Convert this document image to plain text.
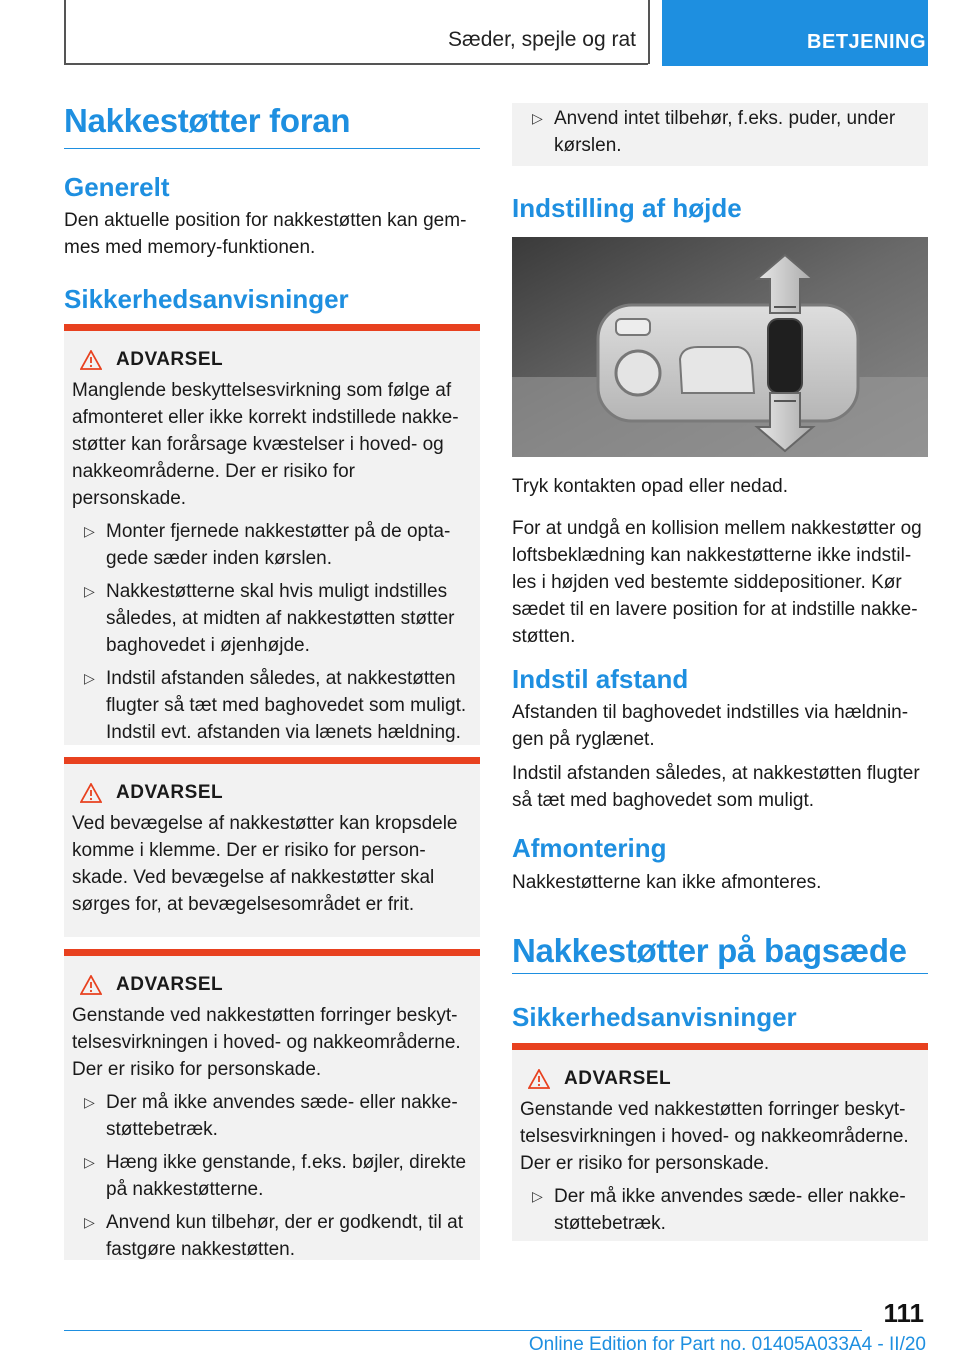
Sæder, spejle og rat	BETJENING
Nakkestøtter foran
Generelt

Den aktuelle position for nakkestøtten kan gemmes med memory-funktionen.

Sikkerhedsanvisninger
ADVARSEL
Manglende beskyttelsesvirkning som følge af afmonteret eller ikke korrekt indstillede nakkestøtter kan forårsage kvæstelser i hoved- og nakkeområderne. Der er risiko for personskade.
▷ Monter fjernede nakkestøtter på de optagede sæder inden kørslen.
▷ Nakkestøtterne skal hvis muligt indstilles således, at midten af nakkestøtten støtter baghovedet i øjenhøjde.
▷ Indstil afstanden således, at nakkestøtten flugter så tæt med baghovedet som muligt. Indstil evt. afstanden via lænets hældning.
ADVARSEL
Ved bevægelse af nakkestøtter kan kropsdele komme i klemme. Der er risiko for personskade. Ved bevægelse af nakkestøtter skal sørges for, at bevægelsesområdet er frit.
ADVARSEL
Genstande ved nakkestøtten forringer beskyttelsesvirkningen i hoved- og nakkeområderne. Der er risiko for personskade.
▷ Der må ikke anvendes sæde- eller nakkestøttebetræk.
▷ Hæng ikke genstande, f.eks. bøjler, direkte på nakkestøtterne.
▷ Anvend kun tilbehør, der er godkendt, til at fastgøre nakkestøtten.
▷ Anvend intet tilbehør, f.eks. puder, under kørslen.
Indstilling af højde

Tryk kontakten opad eller nedad.

For at undgå en kollision mellem nakkestøtter og loftsbeklædning kan nakkestøtterne ikke indstilles i højden ved bestemte siddepositioner. Kør sædet til en lavere position for at indstille nakkestøtten.

Indstil afstand

Afstanden til baghovedet indstilles via hældningen på ryglænet.

Indstil afstanden således, at nakkestøtten flugter så tæt med baghovedet som muligt.

Afmontering

Nakkestøtterne kan ikke afmonteres.

Nakkestøtter på bagsæde
Sikkerhedsanvisninger
ADVARSEL
Genstande ved nakkestøtten forringer beskyttelsesvirkningen i hoved- og nakkeområderne. Der er risiko for personskade.
▷ Der må ikke anvendes sæde- eller nakkestøttebetræk.
111
Online Edition for Part no. 01405A033A4 - II/20
